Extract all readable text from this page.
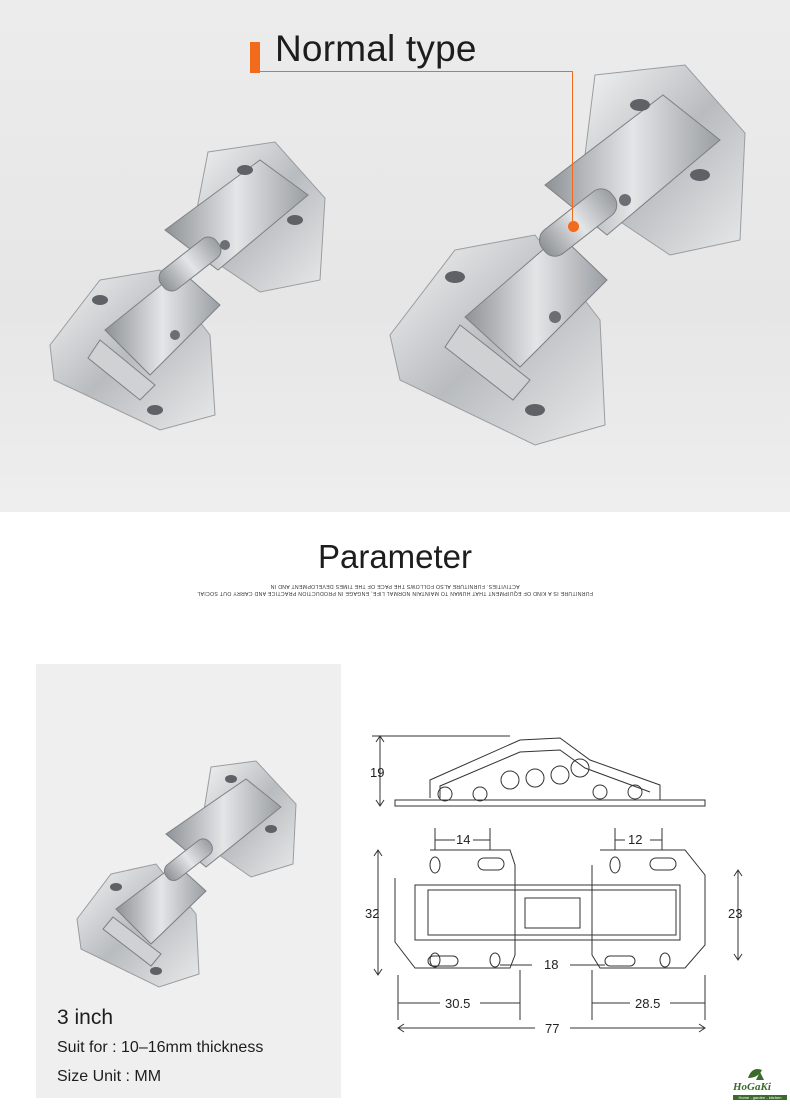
Normal type
Parameter
FURNITURE IS A KIND OF EQUIPMENT THAT HUMAN TO MAINTAIN NORMAL LIFE, ENGAGE IN PRODUCTION PRACTICE AND CARRY OUT SOCIAL ACTIVITIES. FURNITURE ALSO FOLLOWS THE PACE OF THE TIMES DEVELOPMENT AND IN
3 inch
Suit for : 10–16mm thickness
Size Unit : MM
19
14	12
32	23
18
30.5	28.5
77
HoGaKi
Home - garden - kitchen
